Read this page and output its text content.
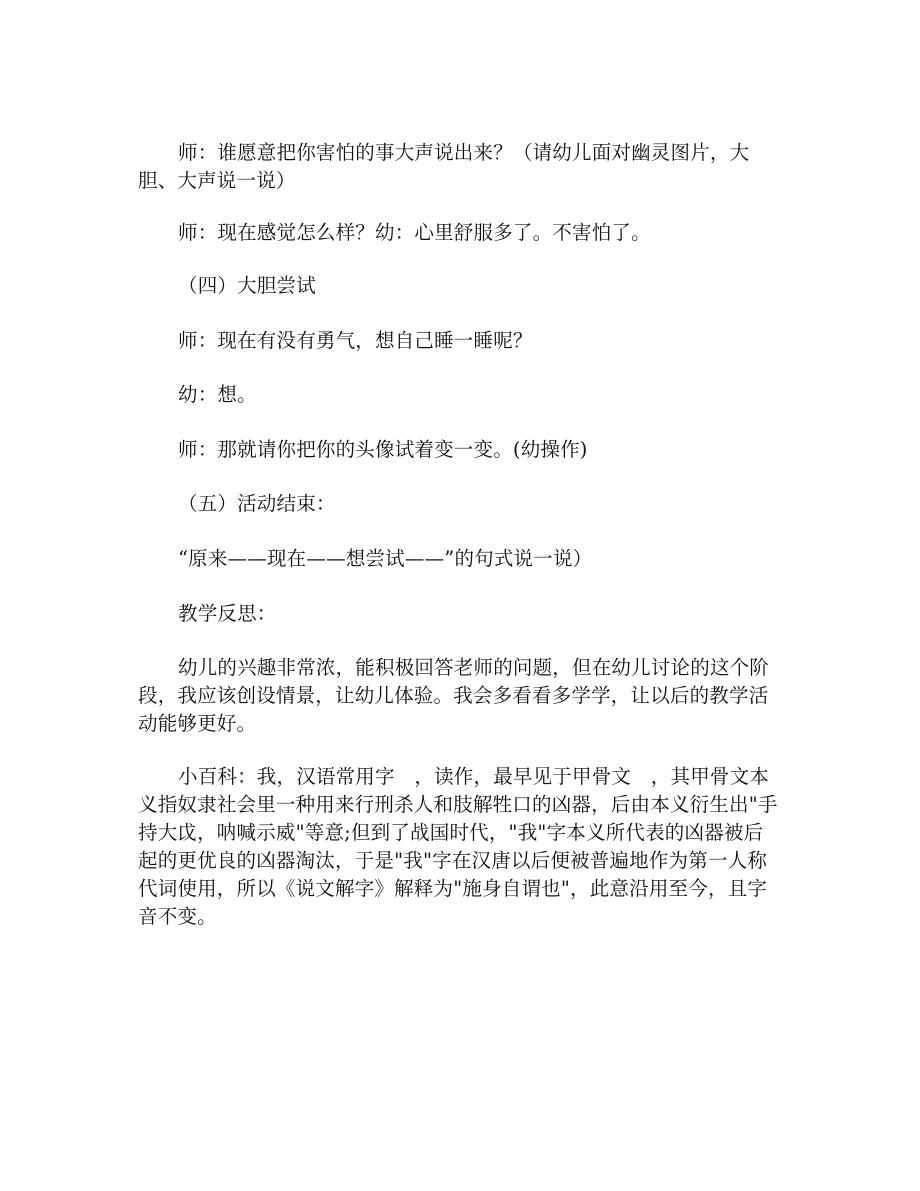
师：谁愿意把你害怕的事大声说出来？（请幼儿面对幽灵图片，大胆、大声说一说）

师：现在感觉怎么样？幼：心里舒服多了。不害怕了。

（四）大胆尝试

师：现在有没有勇气，想自己睡一睡呢？

幼：想。

师：那就请你把你的头像试着变一变。(幼操作)

（五）活动结束：

“原来——现在——想尝试——”的句式说一说）

教学反思：

幼儿的兴趣非常浓，能积极回答老师的问题，但在幼儿讨论的这个阶段，我应该创设情景，让幼儿体验。我会多看看多学学，让以后的教学活动能够更好。

小百科：我，汉语常用字　，读作，最早见于甲骨文　，其甲骨文本义指奴隶社会里一种用来行刑杀人和肢解牲口的凶器，后由本义衍生出"手持大戉，呐喊示威"等意;但到了战国时代，"我"字本义所代表的凶器被后起的更优良的凶器淘汰，于是"我"字在汉唐以后便被普遍地作为第一人称代词使用，所以《说文解字》解释为"施身自谓也"，此意沿用至今，且字音不变。
